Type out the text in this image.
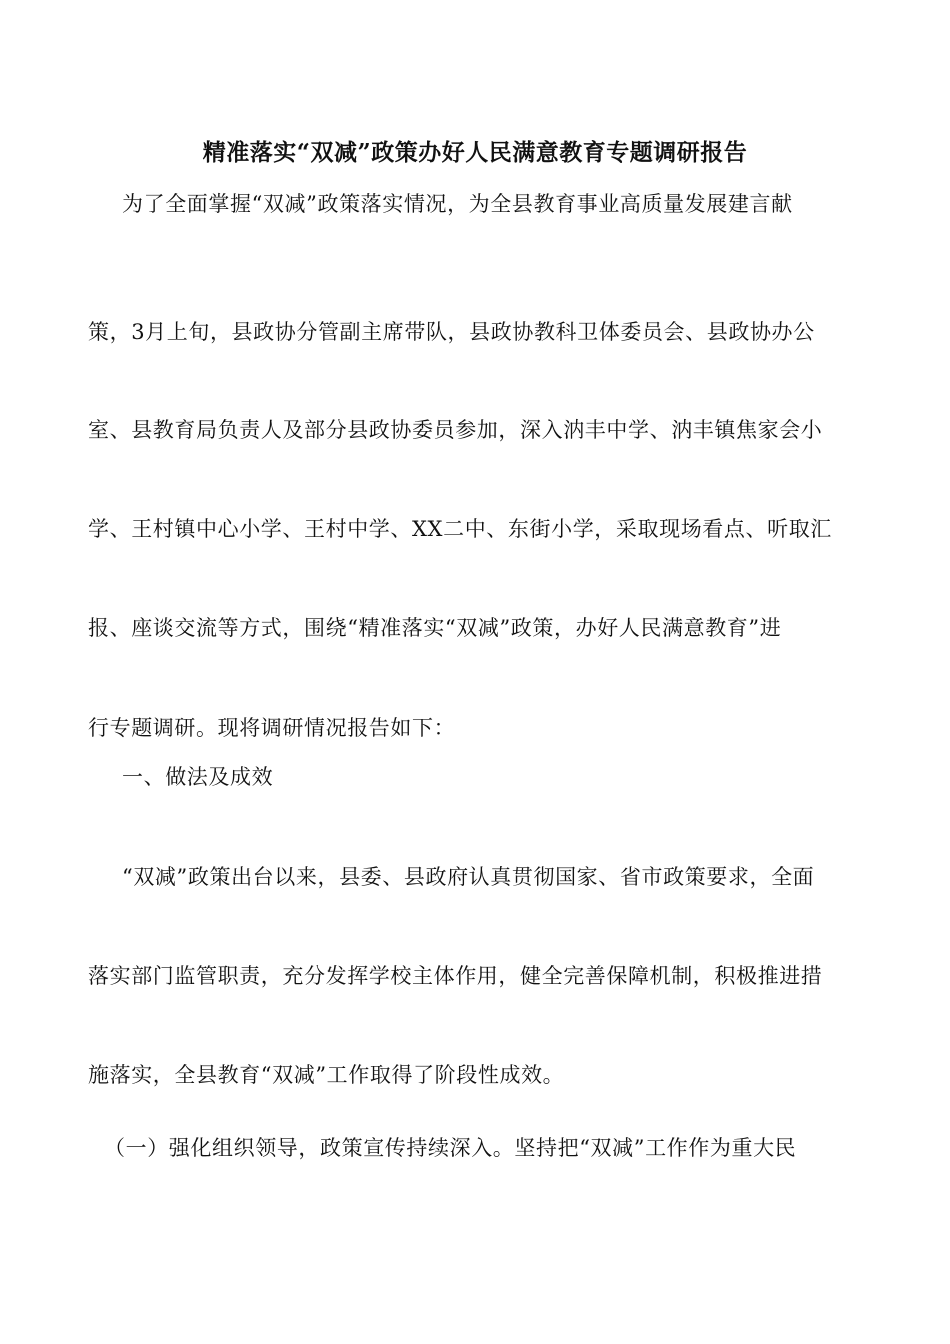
精准落实“双减”政策办好人民满意教育专题调研报告
为了全面掌握“双减”政策落实情况，为全县教育事业高质量发展建言献
策，3月上旬，县政协分管副主席带队，县政协教科卫体委员会、县政协办公
室、县教育局负责人及部分县政协委员参加，深入汭丰中学、汭丰镇焦家会小
学、王村镇中心小学、王村中学、XX二中、东街小学，采取现场看点、听取汇
报、座谈交流等方式，围绕“精准落实“双减”政策，办好人民满意教育”进
行专题调研。现将调研情况报告如下：
一、做法及成效
“双减”政策出台以来，县委、县政府认真贯彻国家、省市政策要求，全面
落实部门监管职责，充分发挥学校主体作用，健全完善保障机制，积极推进措
施落实，全县教育“双减”工作取得了阶段性成效。
（一）强化组织领导，政策宣传持续深入。坚持把“双减”工作作为重大民
